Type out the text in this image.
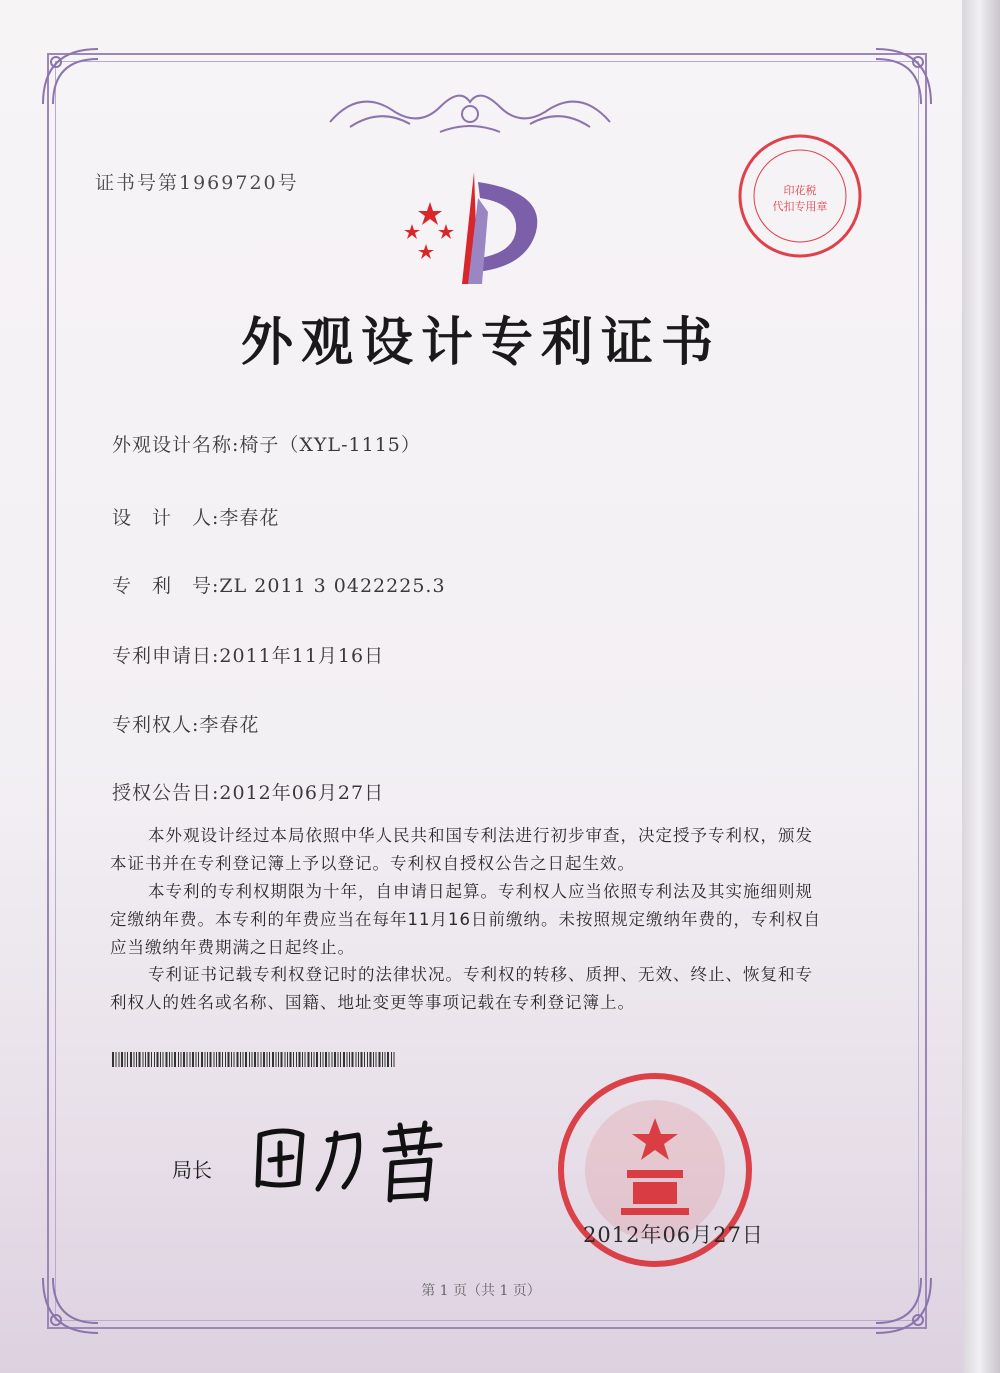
证书号第1969720号	印花税
代扣专用章
外观设计专利证书
外观设计名称:椅子（XYL-1115）
设　计　人:李春花
专　利　号:ZL 2011 3 0422225.3
专利申请日:2011年11月16日
专利权人:李春花
授权公告日:2012年06月27日
本外观设计经过本局依照中华人民共和国专利法进行初步审查，决定授予专利权，颁发本证书并在专利登记簿上予以登记。专利权自授权公告之日起生效。
本专利的专利权期限为十年，自申请日起算。专利权人应当依照专利法及其实施细则规定缴纳年费。本专利的年费应当在每年11月16日前缴纳。未按照规定缴纳年费的，专利权自应当缴纳年费期满之日起终止。
专利证书记载专利权登记时的法律状况。专利权的转移、质押、无效、终止、恢复和专利权人的姓名或名称、国籍、地址变更等事项记载在专利登记簿上。
局长
2012年06月27日
第 1 页（共 1 页）
